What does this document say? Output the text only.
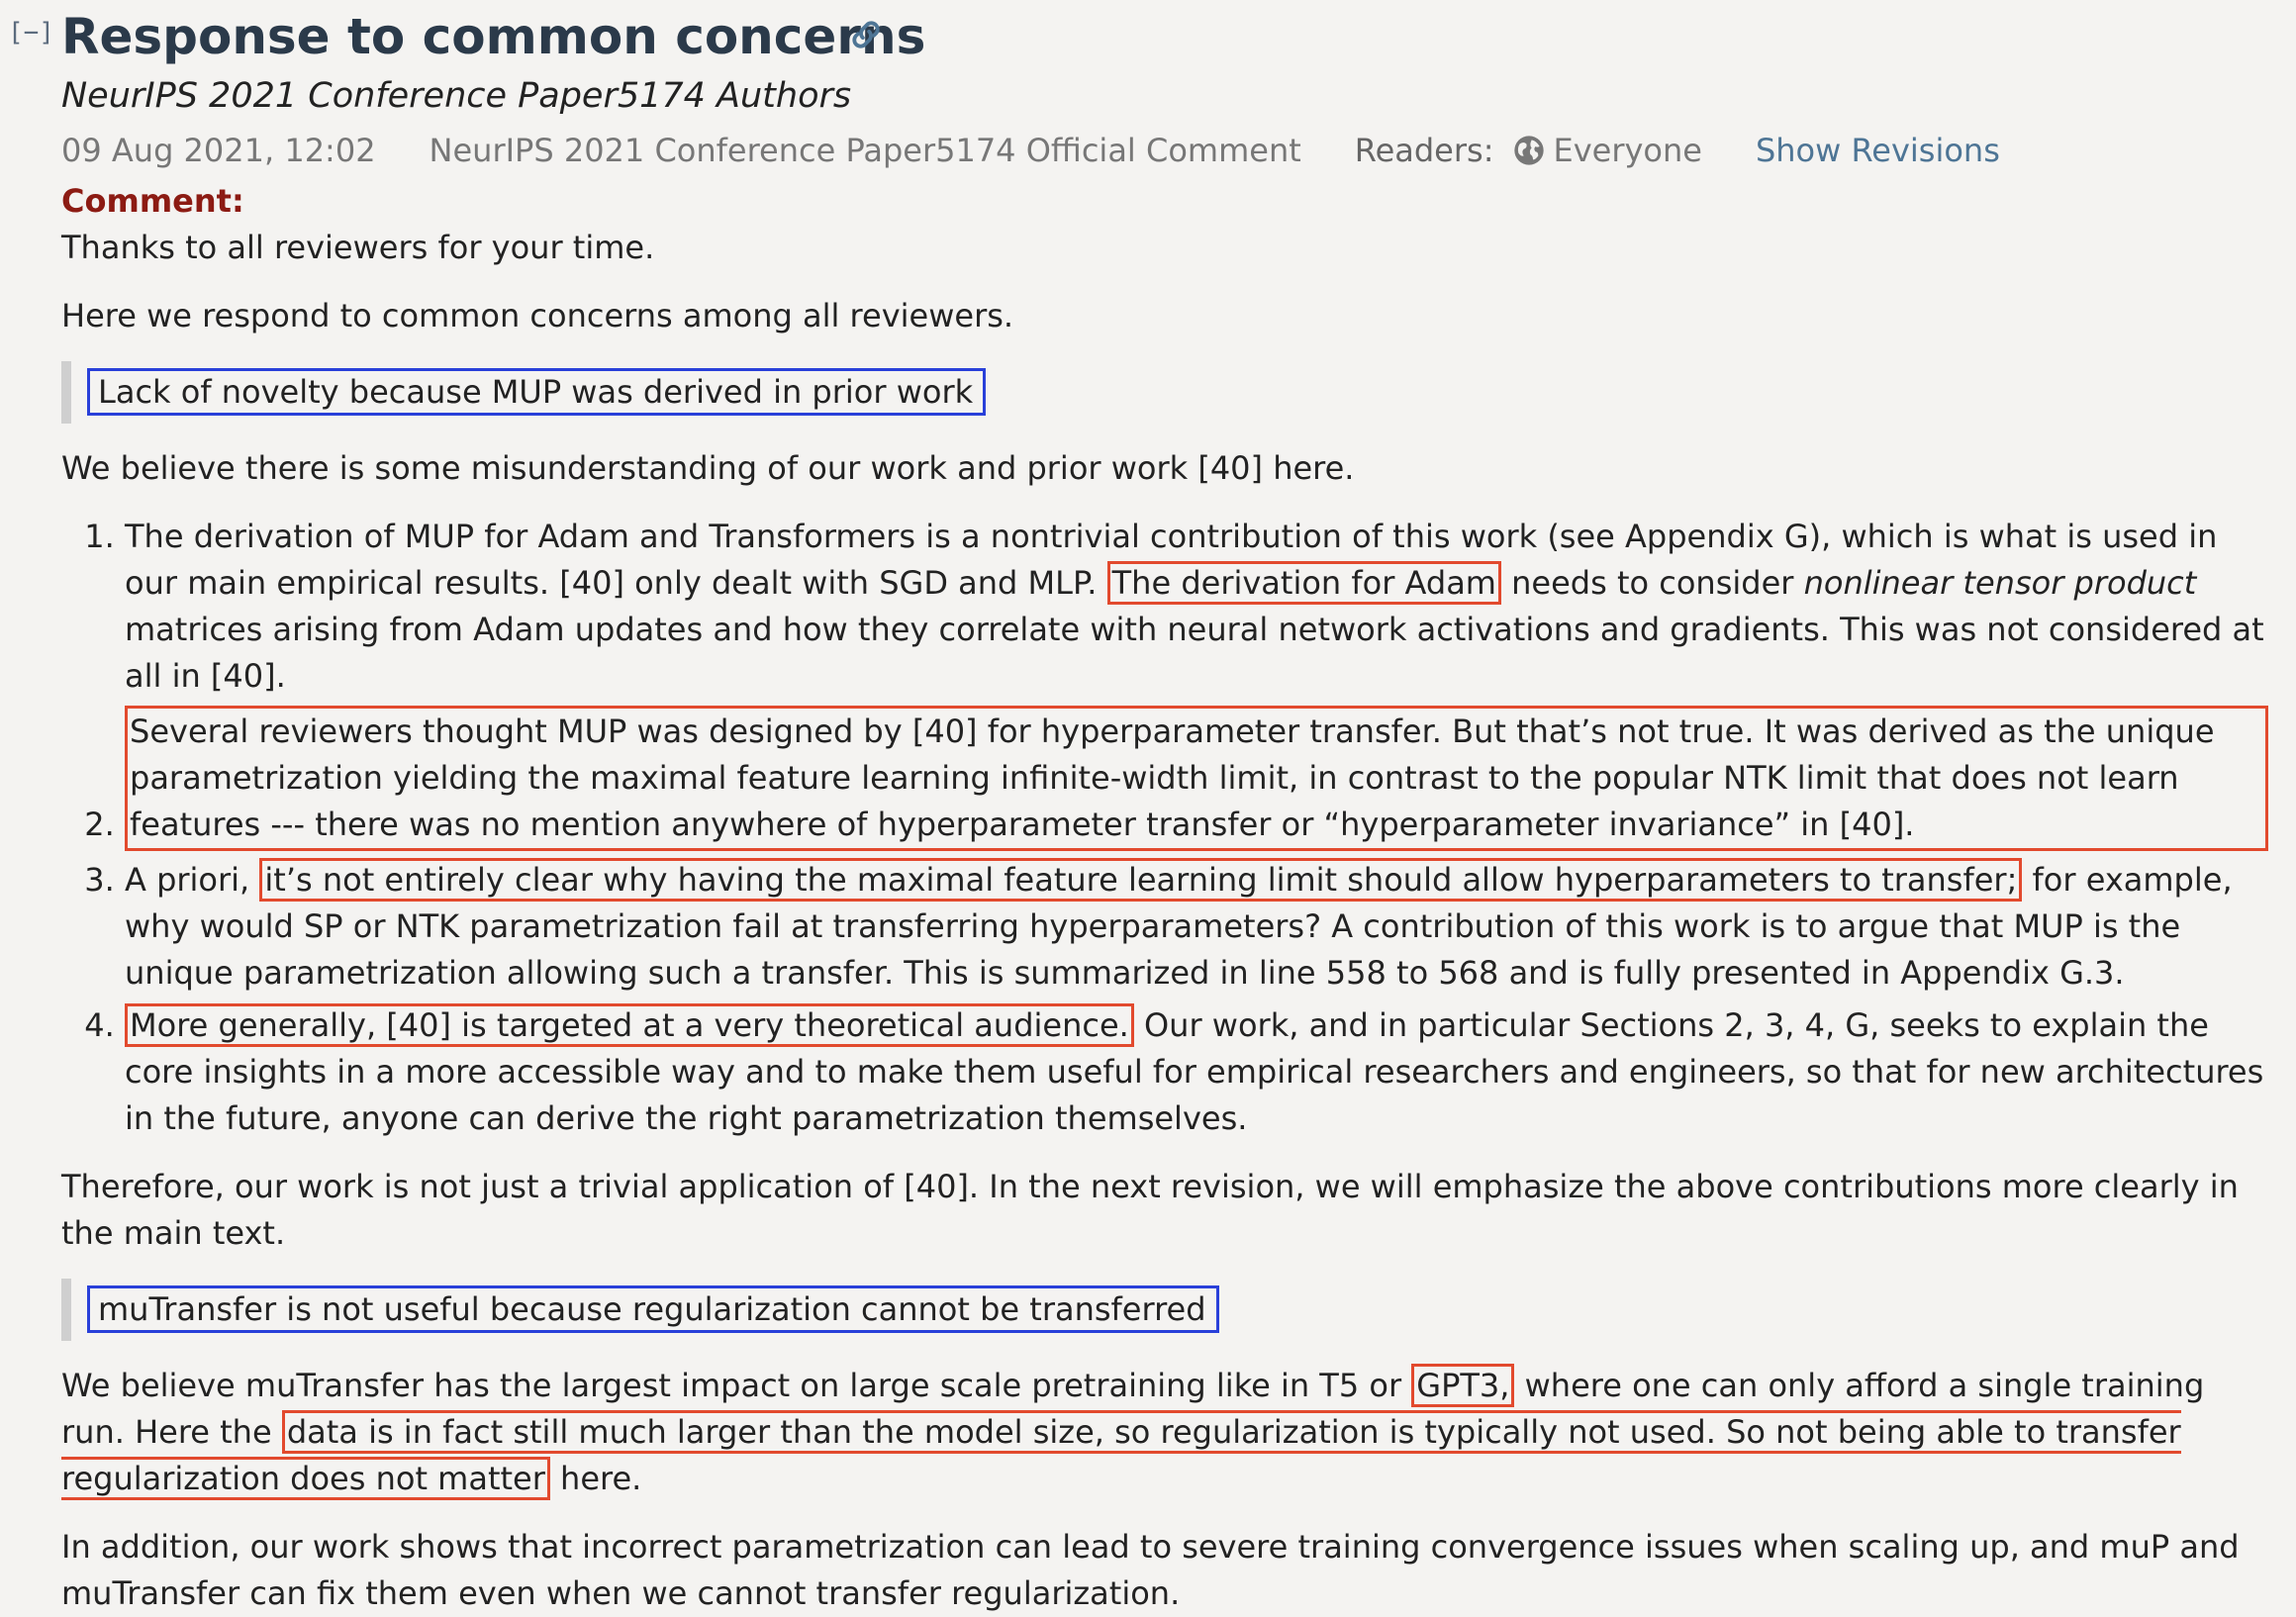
[−] Response to common concerns
NeurIPS 2021 Conference Paper5174 Authors
09 Aug 2021, 12:02 NeurIPS 2021 Conference Paper5174 Official Comment Readers: Everyone Show Revisions

Comment:

Thanks to all reviewers for your time.

Here we respond to common concerns among all reviewers.

Lack of novelty because MUP was derived in prior work

We believe there is some misunderstanding of our work and prior work [40] here.

1. The derivation of MUP for Adam and Transformers is a nontrivial contribution of this work (see Appendix G), which is what is used in our main empirical results. [40] only dealt with SGD and MLP. The derivation for Adam needs to consider nonlinear tensor product matrices arising from Adam updates and how they correlate with neural network activations and gradients. This was not considered at all in [40].
2. Several reviewers thought MUP was designed by [40] for hyperparameter transfer. But that’s not true. It was derived as the unique parametrization yielding the maximal feature learning infinite-width limit, in contrast to the popular NTK limit that does not learn features --- there was no mention anywhere of hyperparameter transfer or “hyperparameter invariance” in [40].
3. A priori, it’s not entirely clear why having the maximal feature learning limit should allow hyperparameters to transfer; for example, why would SP or NTK parametrization fail at transferring hyperparameters? A contribution of this work is to argue that MUP is the unique parametrization allowing such a transfer. This is summarized in line 558 to 568 and is fully presented in Appendix G.3.
4. More generally, [40] is targeted at a very theoretical audience. Our work, and in particular Sections 2, 3, 4, G, seeks to explain the core insights in a more accessible way and to make them useful for empirical researchers and engineers, so that for new architectures in the future, anyone can derive the right parametrization themselves.

Therefore, our work is not just a trivial application of [40]. In the next revision, we will emphasize the above contributions more clearly in the main text.

muTransfer is not useful because regularization cannot be transferred

We believe muTransfer has the largest impact on large scale pretraining like in T5 or GPT3, where one can only afford a single training run. Here the data is in fact still much larger than the model size, so regularization is typically not used. So not being able to transfer regularization does not matter here.

In addition, our work shows that incorrect parametrization can lead to severe training convergence issues when scaling up, and muP and muTransfer can fix them even when we cannot transfer regularization.
